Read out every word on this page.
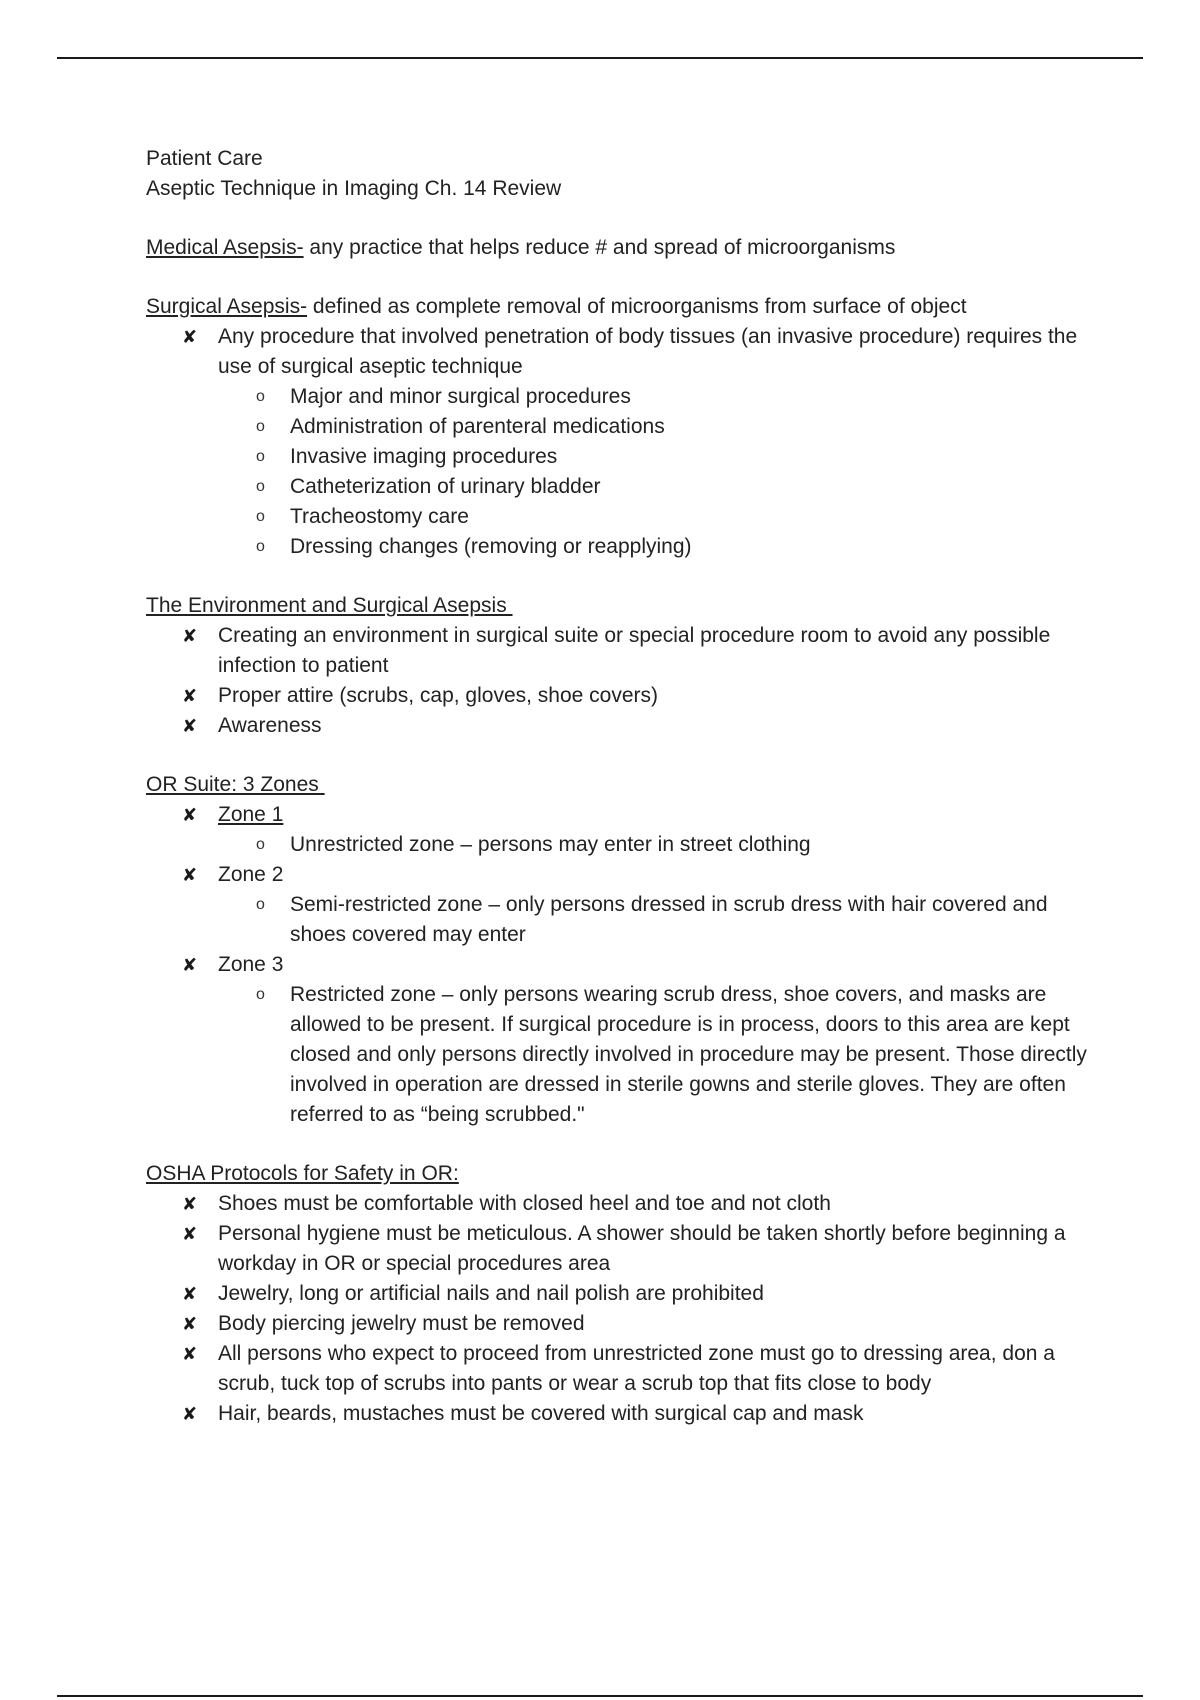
Patient Care

Aseptic Technique in Imaging Ch. 14 Review

Medical Asepsis- any practice that helps reduce # and spread of microorganisms

Surgical Asepsis- defined as complete removal of microorganisms from surface of object

✘ Any procedure that involved penetration of body tissues (an invasive procedure) requires the use of surgical aseptic technique
o Major and minor surgical procedures
o Administration of parenteral medications
o Invasive imaging procedures
o Catheterization of urinary bladder
o Tracheostomy care
o Dressing changes (removing or reapplying)

The Environment and Surgical Asepsis

✘ Creating an environment in surgical suite or special procedure room to avoid any possible infection to patient
✘ Proper attire (scrubs, cap, gloves, shoe covers)
✘ Awareness

OR Suite: 3 Zones

✘ Zone 1
o Unrestricted zone – persons may enter in street clothing
✘ Zone 2
o Semi-restricted zone – only persons dressed in scrub dress with hair covered and shoes covered may enter
✘ Zone 3
o Restricted zone – only persons wearing scrub dress, shoe covers, and masks are allowed to be present. If surgical procedure is in process, doors to this area are kept closed and only persons directly involved in procedure may be present. Those directly involved in operation are dressed in sterile gowns and sterile gloves. They are often referred to as “being scrubbed."

OSHA Protocols for Safety in OR:

✘ Shoes must be comfortable with closed heel and toe and not cloth
✘ Personal hygiene must be meticulous. A shower should be taken shortly before beginning a workday in OR or special procedures area
✘ Jewelry, long or artificial nails and nail polish are prohibited
✘ Body piercing jewelry must be removed
✘ All persons who expect to proceed from unrestricted zone must go to dressing area, don a scrub, tuck top of scrubs into pants or wear a scrub top that fits close to body
✘ Hair, beards, mustaches must be covered with surgical cap and mask
